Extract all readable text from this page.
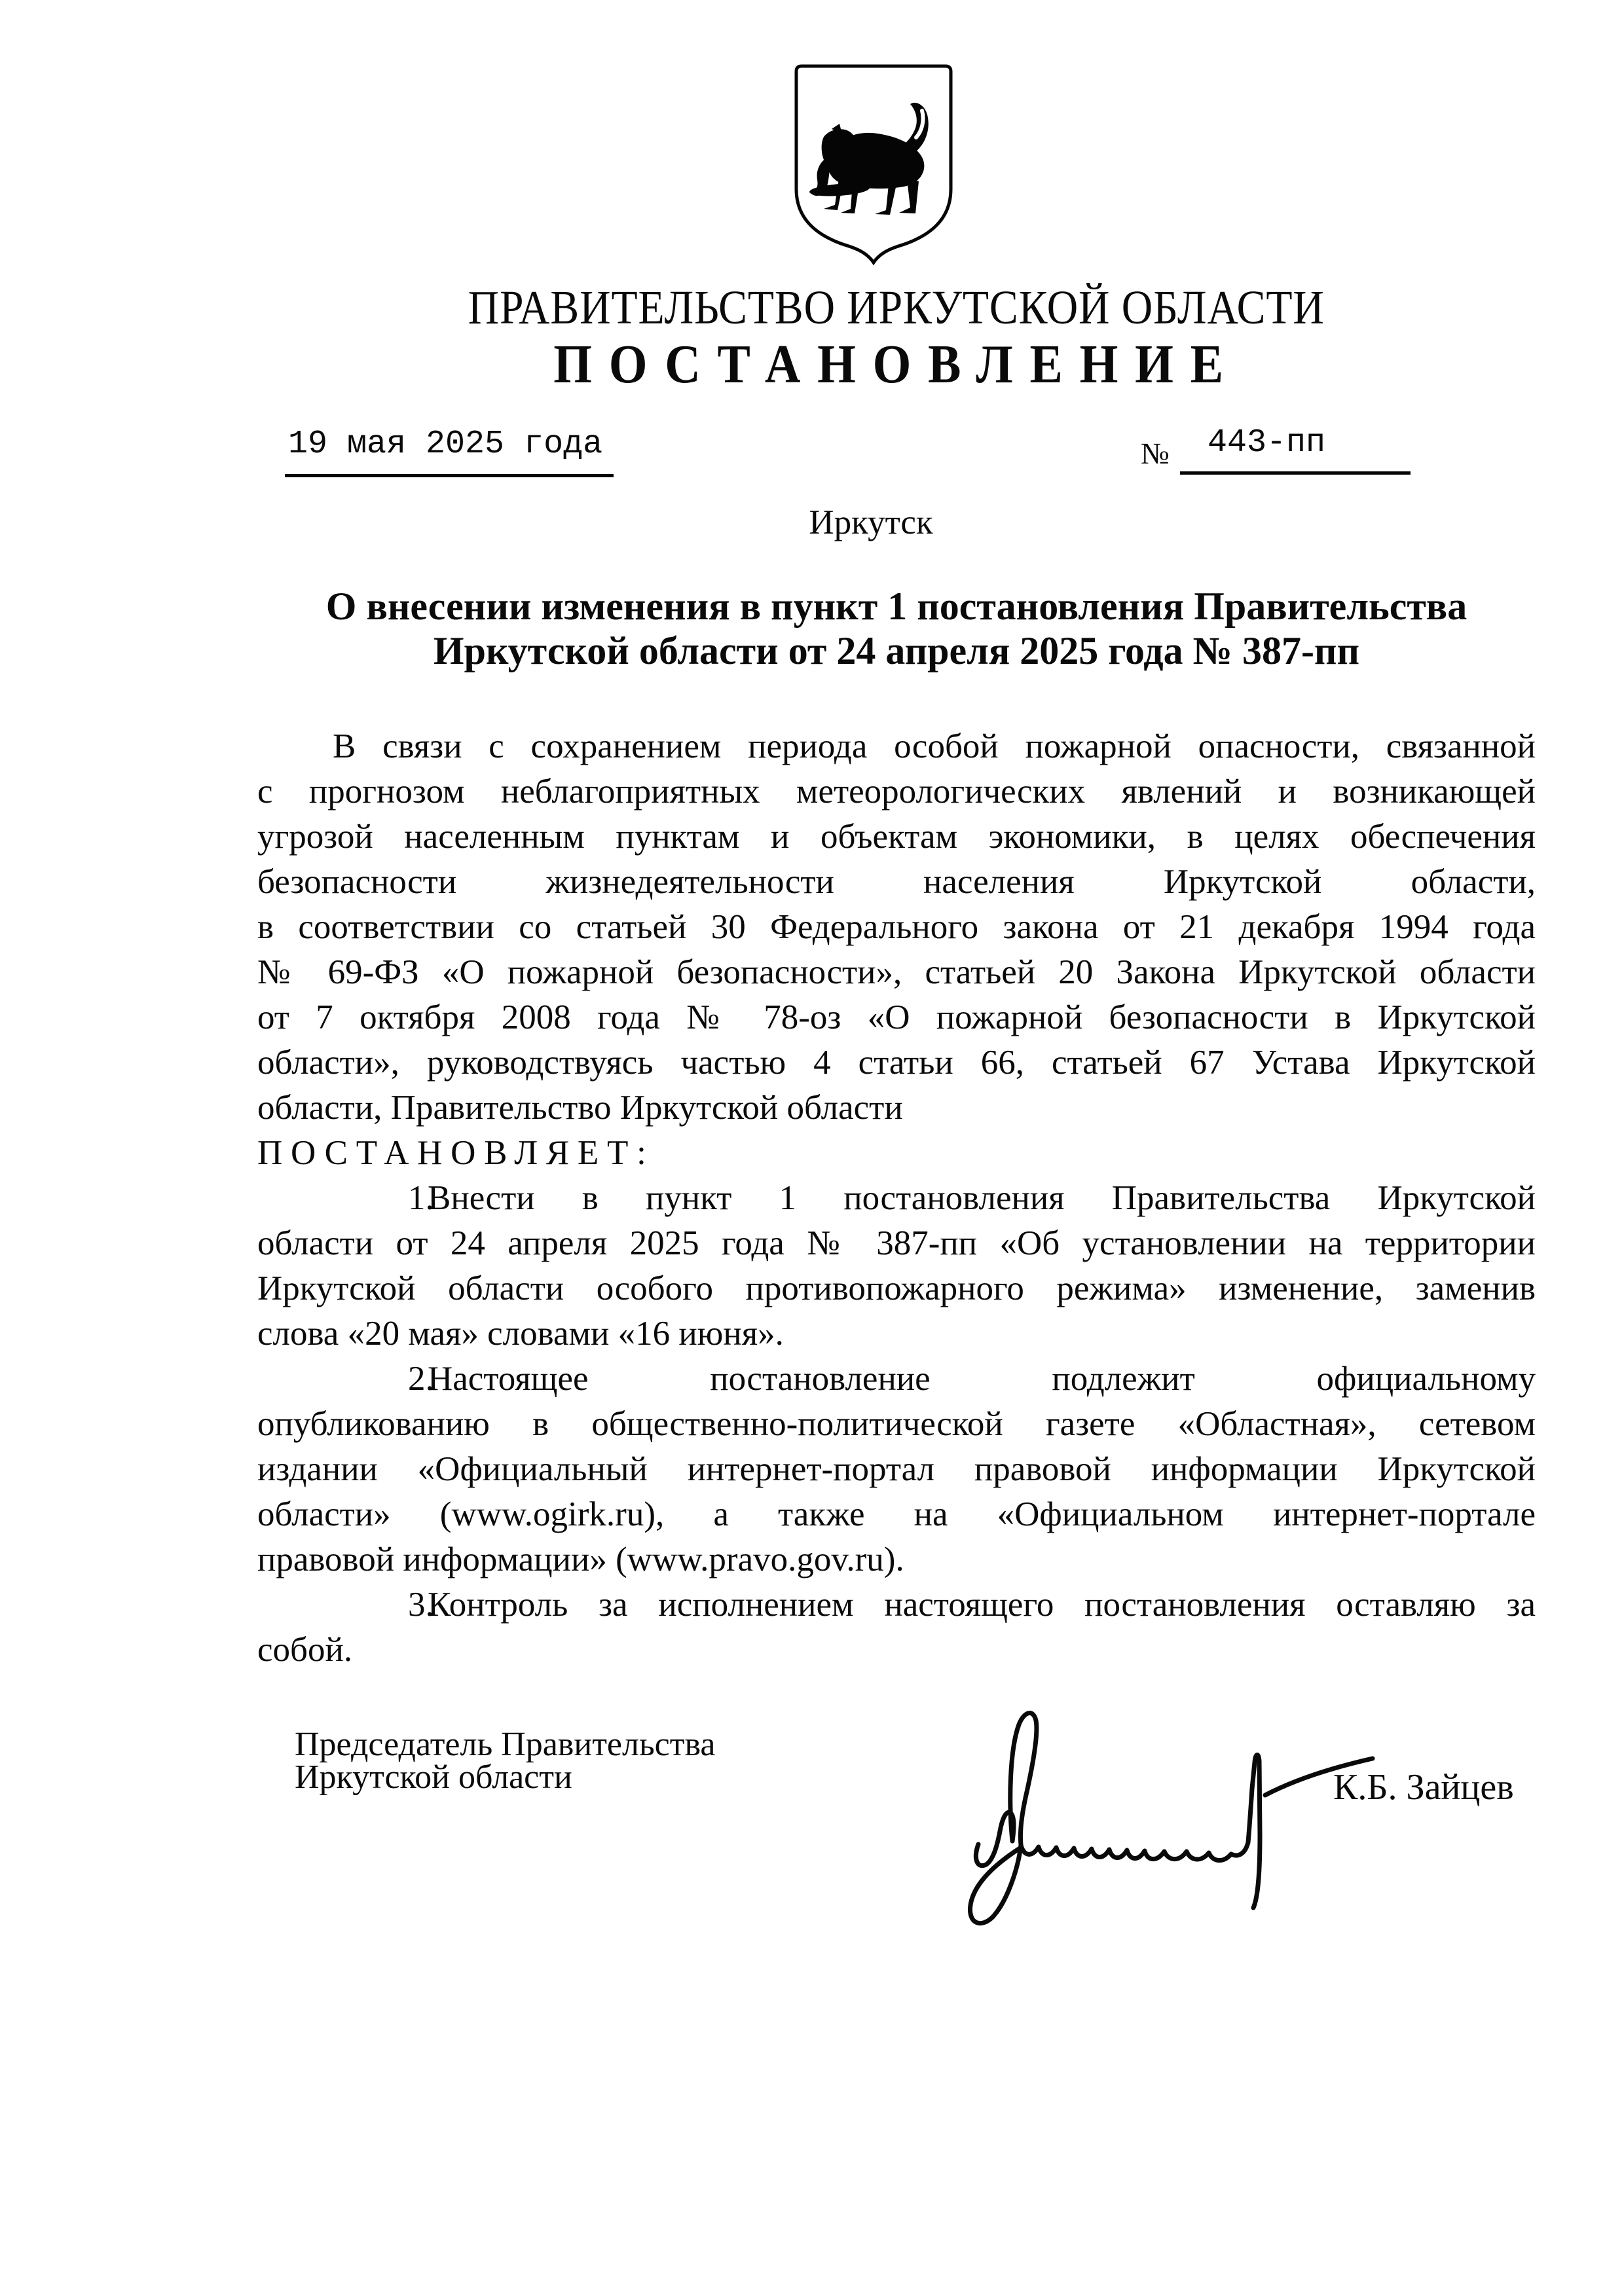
ПРАВИТЕЛЬСТВО ИРКУТСКОЙ ОБЛАСТИ
ПОСТАНОВЛЕНИЕ
19 мая 2025 года	№ 443-пп
Иркутск
О внесении изменения в пункт 1 постановления Правительства
Иркутской области от 24 апреля 2025 года № 387-пп
В связи с сохранением периода особой пожарной опасности, связанной
с прогнозом неблагоприятных метеорологических явлений и возникающей
угрозой населенным пунктам и объектам экономики, в целях обеспечения
безопасности жизнедеятельности населения Иркутской области,
в соответствии со статьей 30 Федерального закона от 21 декабря 1994 года
№ 69-ФЗ «О пожарной безопасности», статьей 20 Закона Иркутской области
от 7 октября 2008 года № 78-оз «О пожарной безопасности в Иркутской
области», руководствуясь частью 4 статьи 66, статьей 67 Устава Иркутской
области, Правительство Иркутской области
ПОСТАНОВЛЯЕТ:
1.Внести в пункт 1 постановления Правительства Иркутской
области от 24 апреля 2025 года № 387-пп «Об установлении на территории
Иркутской области особого противопожарного режима» изменение, заменив
слова «20 мая» словами «16 июня».
2.Настоящее постановление подлежит официальному
опубликованию в общественно-политической газете «Областная», сетевом
издании «Официальный интернет-портал правовой информации Иркутской
области» (www.ogirk.ru), а также на «Официальном интернет-портале
правовой информации» (www.pravo.gov.ru).
3.Контроль за исполнением настоящего постановления оставляю за
собой.
Председатель Правительства
Иркутской области	К.Б. Зайцев
